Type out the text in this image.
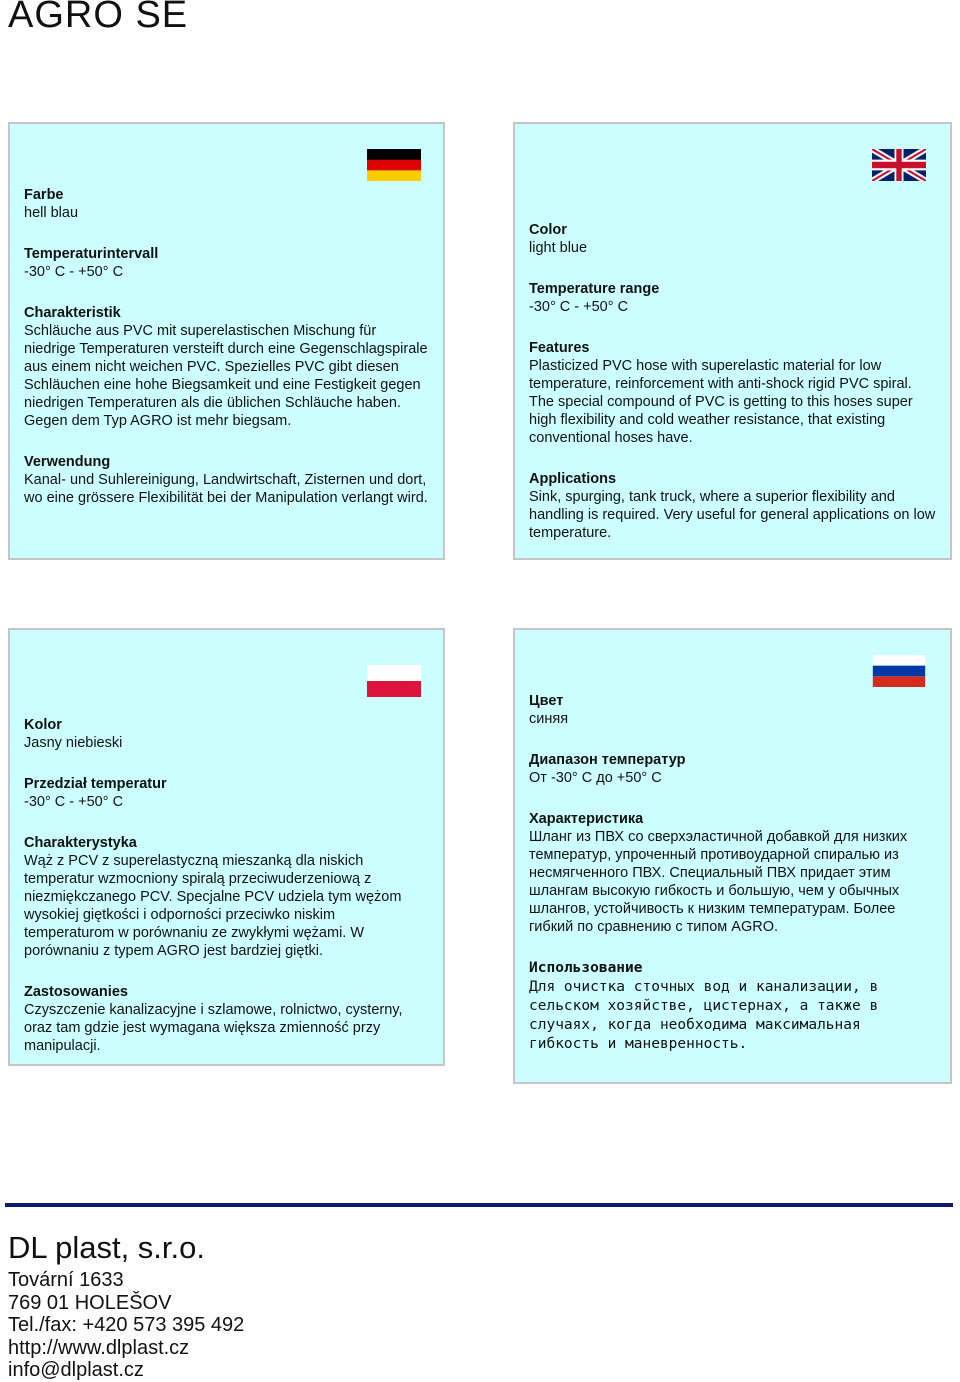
AGRO SE
Farbe
hell blau
Temperaturintervall
-30° C - +50° C
Charakteristik
Schläuche aus PVC mit superelastischen Mischung für niedrige Temperaturen versteift durch eine Gegenschlagspirale aus einem nicht weichen PVC. Spezielles PVC gibt diesen Schläuchen eine hohe Biegsamkeit und eine Festigkeit gegen niedrigen Temperaturen als die üblichen Schläuche haben. Gegen dem Typ AGRO ist mehr biegsam.
Verwendung
Kanal- und Suhlereinigung, Landwirtschaft, Zisternen und dort, wo eine grössere Flexibilität bei der Manipulation verlangt wird.
Color
light blue
Temperature range
-30° C - +50° C
Features
Plasticized PVC hose with superelastic material for low temperature, reinforcement with anti-shock rigid PVC spiral. The special compound of PVC is getting to this hoses super high flexibility and cold weather resistance, that existing conventional hoses have.
Applications
Sink, spurging, tank truck, where a superior flexibility and handling is required. Very useful for general applications on low temperature.
Kolor
Jasny niebieski
Przedział temperatur
-30° C - +50° C
Charakterystyka
Wąż z PCV z superelastyczną mieszanką dla niskich temperatur wzmocniony spiralą przeciwuderzeniową z niezmiękczanego PCV. Specjalne PCV udziela tym wężom wysokiej giętkości i odporności przeciwko niskim temperaturom w porównaniu ze zwykłymi wężami. W porównaniu z typem AGRO jest bardziej giętki.
Zastosowanies
Czyszczenie kanalizacyjne i szlamowe, rolnictwo, cysterny, oraz tam gdzie jest wymagana większa zmienność przy manipulacji.
Цвет
синяя
Диапазон температур
От -30° C до +50° C
Характеристика
Шланг из ПВХ со сверхэластичной добавкой для низких температур, упроченный противоударной спиралью из несмягченного ПВХ. Специальный ПВХ придает этим шлангам высокую гибкость и большую, чем у обычных шлангов, устойчивость к низким температурам. Более гибкий по сравнению с типом AGRO.
Использование
Для очистка сточных вод и канализации, в сельском хозяйстве, цистернах, а также в случаях, когда необходима максимальная гибкость и маневренность.
DL plast, s.r.o.
Tovární 1633
769 01 HOLEŠOV
Tel./fax: +420 573 395 492
http://www.dlplast.cz
info@dlplast.cz
